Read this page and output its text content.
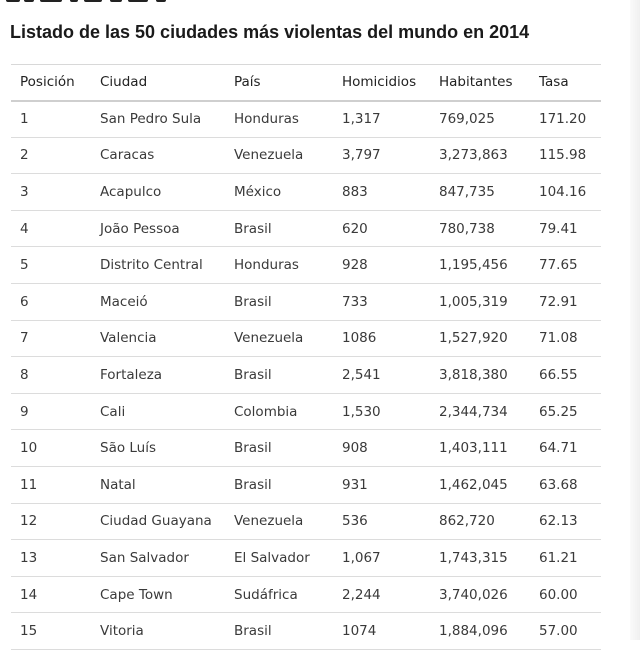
Listado de las 50 ciudades más violentas del mundo en 2014
Posición	Ciudad	País	Homicidios	Habitantes	Tasa
1	San Pedro Sula	Honduras	1,317	769,025	171.20
2	Caracas	Venezuela	3,797	3,273,863	115.98
3	Acapulco	México	883	847,735	104.16
4	João Pessoa	Brasil	620	780,738	79.41
5	Distrito Central	Honduras	928	1,195,456	77.65
6	Maceió	Brasil	733	1,005,319	72.91
7	Valencia	Venezuela	1086	1,527,920	71.08
8	Fortaleza	Brasil	2,541	3,818,380	66.55
9	Cali	Colombia	1,530	2,344,734	65.25
10	São Luís	Brasil	908	1,403,111	64.71
11	Natal	Brasil	931	1,462,045	63.68
12	Ciudad Guayana	Venezuela	536	862,720	62.13
13	San Salvador	El Salvador	1,067	1,743,315	61.21
14	Cape Town	Sudáfrica	2,244	3,740,026	60.00
15	Vitoria	Brasil	1074	1,884,096	57.00
